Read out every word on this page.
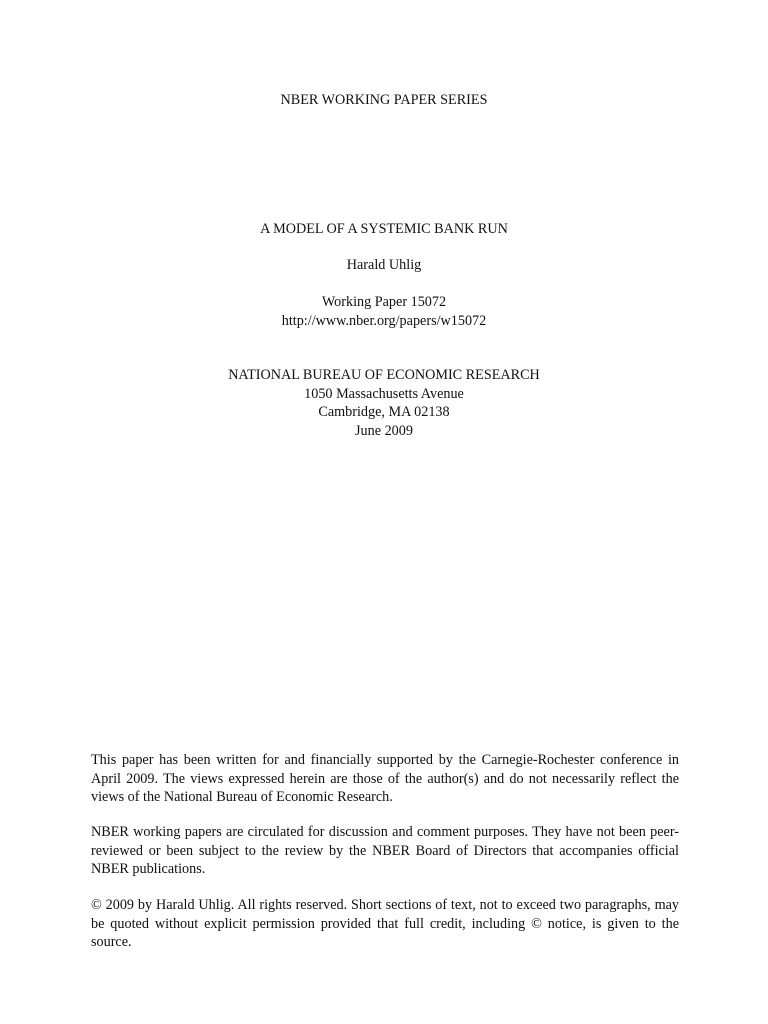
NBER WORKING PAPER SERIES
A MODEL OF A SYSTEMIC BANK RUN
Harald Uhlig
Working Paper 15072
http://www.nber.org/papers/w15072
NATIONAL BUREAU OF ECONOMIC RESEARCH
1050 Massachusetts Avenue
Cambridge, MA 02138
June 2009

This paper has been written for and financially supported by the Carnegie-Rochester conference in April 2009. The views expressed herein are those of the author(s) and do not necessarily reflect the views of the National Bureau of Economic Research.

NBER working papers are circulated for discussion and comment purposes. They have not been peer-reviewed or been subject to the review by the NBER Board of Directors that accompanies official NBER publications.

© 2009 by Harald Uhlig. All rights reserved. Short sections of text, not to exceed two paragraphs, may be quoted without explicit permission provided that full credit, including © notice, is given to the source.
